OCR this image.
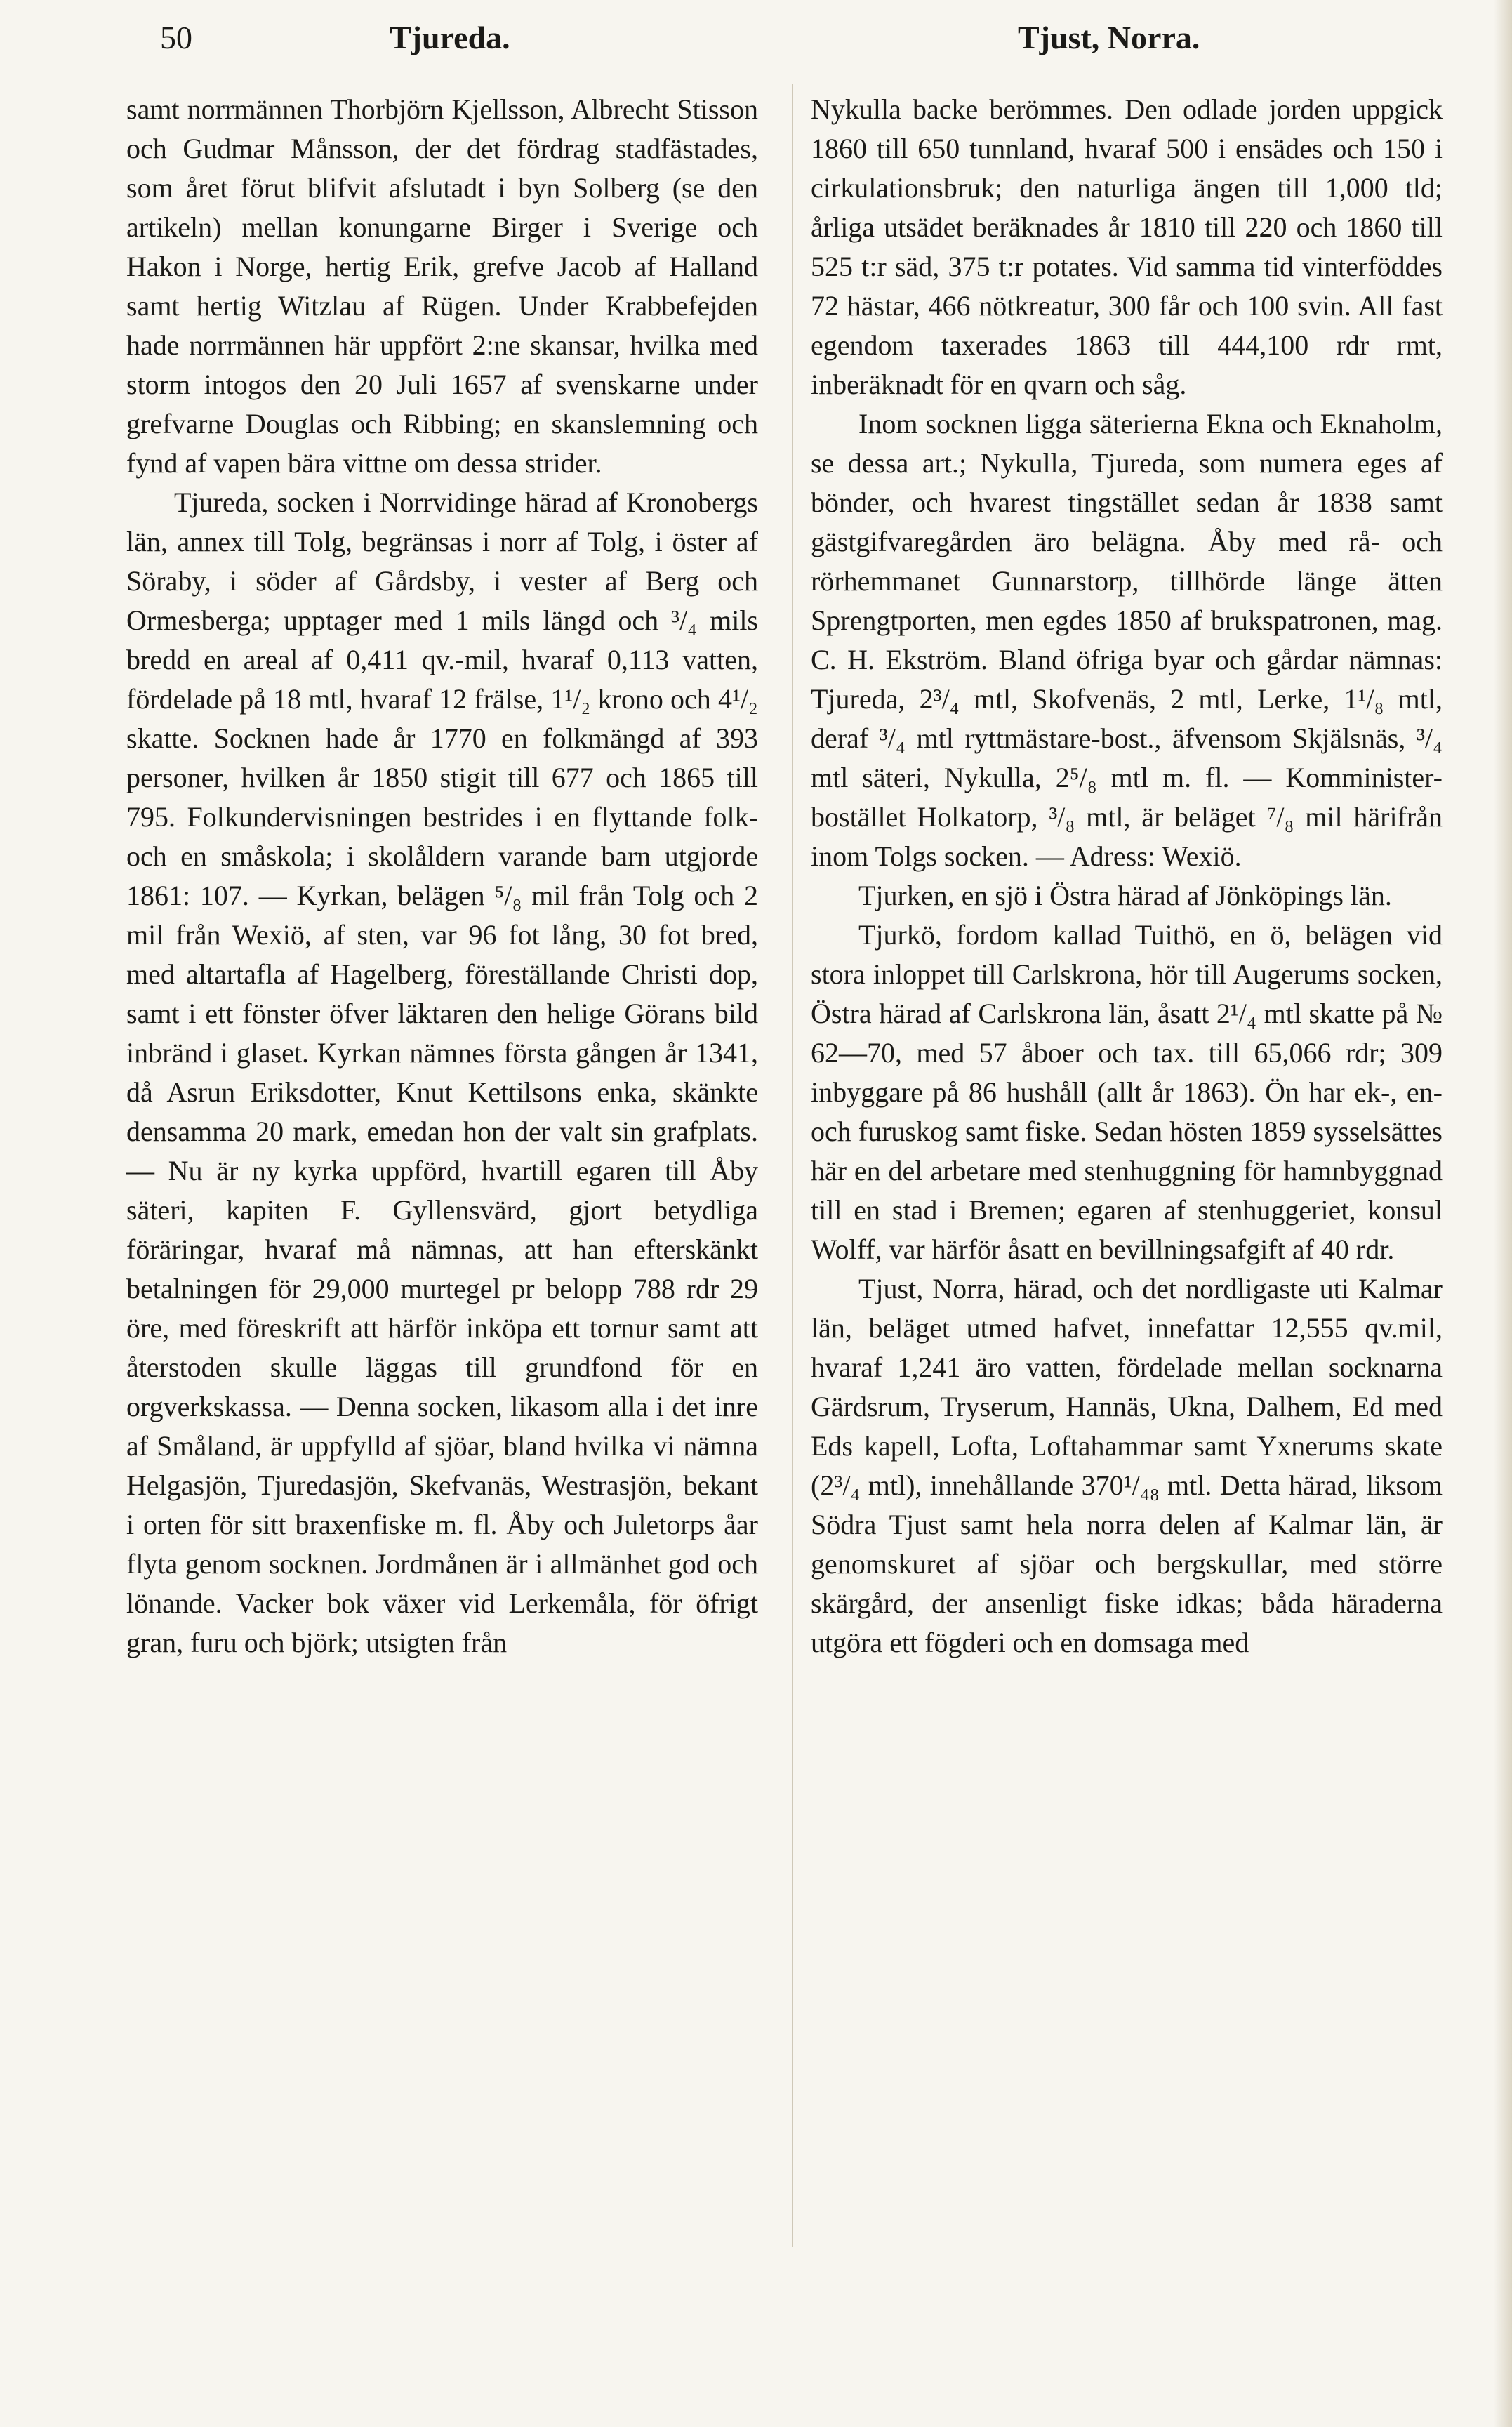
50	Tjureda.	Tjust, Norra.

samt norrmännen Thorbjörn Kjellsson, Albrecht Stisson och Gudmar Månsson, der det fördrag stadfästades, som året förut blifvit afslutadt i byn Solberg (se den artikeln) mellan konungarne Birger i Sverige och Hakon i Norge, hertig Erik, grefve Jacob af Halland samt hertig Witzlau af Rügen. Under Krabbefejden hade norrmännen här uppfört 2:ne skansar, hvilka med storm intogos den 20 Juli 1657 af svenskarne under grefvarne Douglas och Ribbing; en skanslemning och fynd af vapen bära vittne om dessa strider.

Tjureda, socken i Norrvidinge härad af Kronobergs län, annex till Tolg, begränsas i norr af Tolg, i öster af Söraby, i söder af Gårdsby, i vester af Berg och Ormesberga; upptager med 1 mils längd och ³/₄ mils bredd en areal af 0,411 qv.-mil, hvaraf 0,113 vatten, fördelade på 18 mtl, hvaraf 12 frälse, 1¹/₂ krono och 4¹/₂ skatte. Socknen hade år 1770 en folkmängd af 393 personer, hvilken år 1850 stigit till 677 och 1865 till 795. Folkundervisningen bestrides i en flyttande folk- och en småskola; i skolåldern varande barn utgjorde 1861: 107. — Kyrkan, belägen ⁵/₈ mil från Tolg och 2 mil från Wexiö, af sten, var 96 fot lång, 30 fot bred, med altartafla af Hagelberg, föreställande Christi dop, samt i ett fönster öfver läktaren den helige Görans bild inbränd i glaset. Kyrkan nämnes första gången år 1341, då Asrun Eriksdotter, Knut Kettilsons enka, skänkte densamma 20 mark, emedan hon der valt sin grafplats. — Nu är ny kyrka uppförd, hvartill egaren till Åby säteri, kapiten F. Gyllensvärd, gjort betydliga föräringar, hvaraf må nämnas, att han efterskänkt betalningen för 29,000 murtegel pr belopp 788 rdr 29 öre, med föreskrift att härför inköpa ett tornur samt att återstoden skulle läggas till grundfond för en orgverkskassa. — Denna socken, likasom alla i det inre af Småland, är uppfylld af sjöar, bland hvilka vi nämna Helgasjön, Tjuredasjön, Skefvanäs, Westrasjön, bekant i orten för sitt braxenfiske m. fl. Åby och Juletorps åar flyta genom socknen. Jordmånen är i allmänhet god och lönande. Vacker bok växer vid Lerkemåla, för öfrigt gran, furu och björk; utsigten från

Nykulla backe berömmes. Den odlade jorden uppgick 1860 till 650 tunnland, hvaraf 500 i ensädes och 150 i cirkulationsbruk; den naturliga ängen till 1,000 tld; årliga utsädet beräknades år 1810 till 220 och 1860 till 525 t:r säd, 375 t:r potates. Vid samma tid vinterföddes 72 hästar, 466 nötkreatur, 300 får och 100 svin. All fast egendom taxerades 1863 till 444,100 rdr rmt, inberäknadt för en qvarn och såg.

Inom socknen ligga säterierna Ekna och Eknaholm, se dessa art.; Nykulla, Tjureda, som numera eges af bönder, och hvarest tingstället sedan år 1838 samt gästgifvaregården äro belägna. Åby med rå- och rörhemmanet Gunnarstorp, tillhörde länge ätten Sprengtporten, men egdes 1850 af brukspatronen, mag. C. H. Ekström. Bland öfriga byar och gårdar nämnas: Tjureda, 2³/₄ mtl, Skofvenäs, 2 mtl, Lerke, 1¹/₈ mtl, deraf ³/₄ mtl ryttmästare-bost., äfvensom Skjälsnäs, ³/₄ mtl säteri, Nykulla, 2⁵/₈ mtl m. fl. — Komminister-bostället Holkatorp, ³/₈ mtl, är beläget ⁷/₈ mil härifrån inom Tolgs socken. — Adress: Wexiö.

Tjurken, en sjö i Östra härad af Jönköpings län.

Tjurkö, fordom kallad Tuithö, en ö, belägen vid stora inloppet till Carlskrona, hör till Augerums socken, Östra härad af Carlskrona län, åsatt 2¹/₄ mtl skatte på № 62—70, med 57 åboer och tax. till 65,066 rdr; 309 inbyggare på 86 hushåll (allt år 1863). Ön har ek-, en- och furuskog samt fiske. Sedan hösten 1859 sysselsättes här en del arbetare med stenhuggning för hamnbyggnad till en stad i Bremen; egaren af stenhuggeriet, konsul Wolff, var härför åsatt en bevillningsafgift af 40 rdr.

Tjust, Norra, härad, och det nordligaste uti Kalmar län, beläget utmed hafvet, innefattar 12,555 qv.mil, hvaraf 1,241 äro vatten, fördelade mellan socknarna Gärdsrum, Tryserum, Hannäs, Ukna, Dalhem, Ed med Eds kapell, Lofta, Loftahammar samt Yxnerums skate (2³/₄ mtl), innehållande 370¹/₄₈ mtl. Detta härad, liksom Södra Tjust samt hela norra delen af Kalmar län, är genomskuret af sjöar och bergskullar, med större skärgård, der ansenligt fiske idkas; båda häraderna utgöra ett fögderi och en domsaga med
